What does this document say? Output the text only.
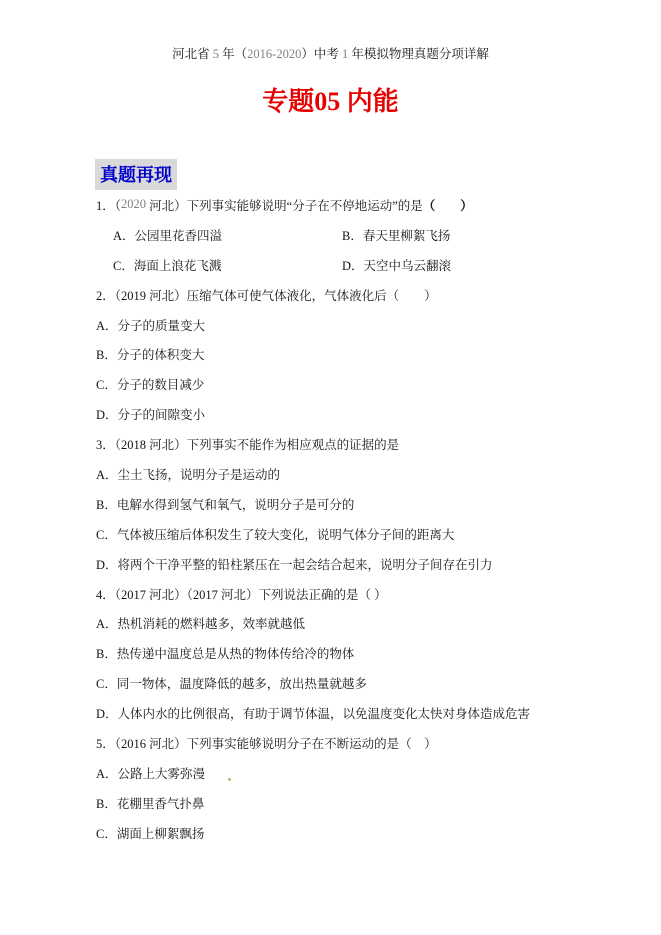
河北省 5 年（2016-2020）中考 1 年模拟物理真题分项详解
专题05 内能
真题再现
1．（ 2020 河北）下列事实能够说明“分子在不停地运动”的是 （　　）
A．公园里花香四溢	B．春天里柳絮飞扬
C．海面上浪花飞溅	D．天空中乌云翻滚
2．（2019 河北）压缩气体可使气体液化，气体液化后（　　）
A．分子的质量变大
B．分子的体积变大
C．分子的数目减少
D．分子的间隙变小
3．（2018 河北）下列事实不能作为相应观点的证据的是
A．尘土飞扬，说明分子是运动的
B．电解水得到氢气和氧气，说明分子是可分的
C．气体被压缩后体积发生了较大变化，说明气体分子间的距离大
D．将两个干净平整的铅柱紧压在一起会结合起来，说明分子间存在引力
4．（2017 河北）（2017 河北）下列说法正确的是（ ）
A．热机消耗的燃料越多，效率就越低
B．热传递中温度总是从热的物体传给冷的物体
C．同一物体，温度降低的越多，放出热量就越多
D．人体内水的比例很高，有助于调节体温，以免温度变化太快对身体造成危害
5．（2016 河北）下列事实能够说明分子在不断运动的是（　）
A．公路上大雾弥漫
B．花棚里香气扑鼻
C．湖面上柳絮飘扬
